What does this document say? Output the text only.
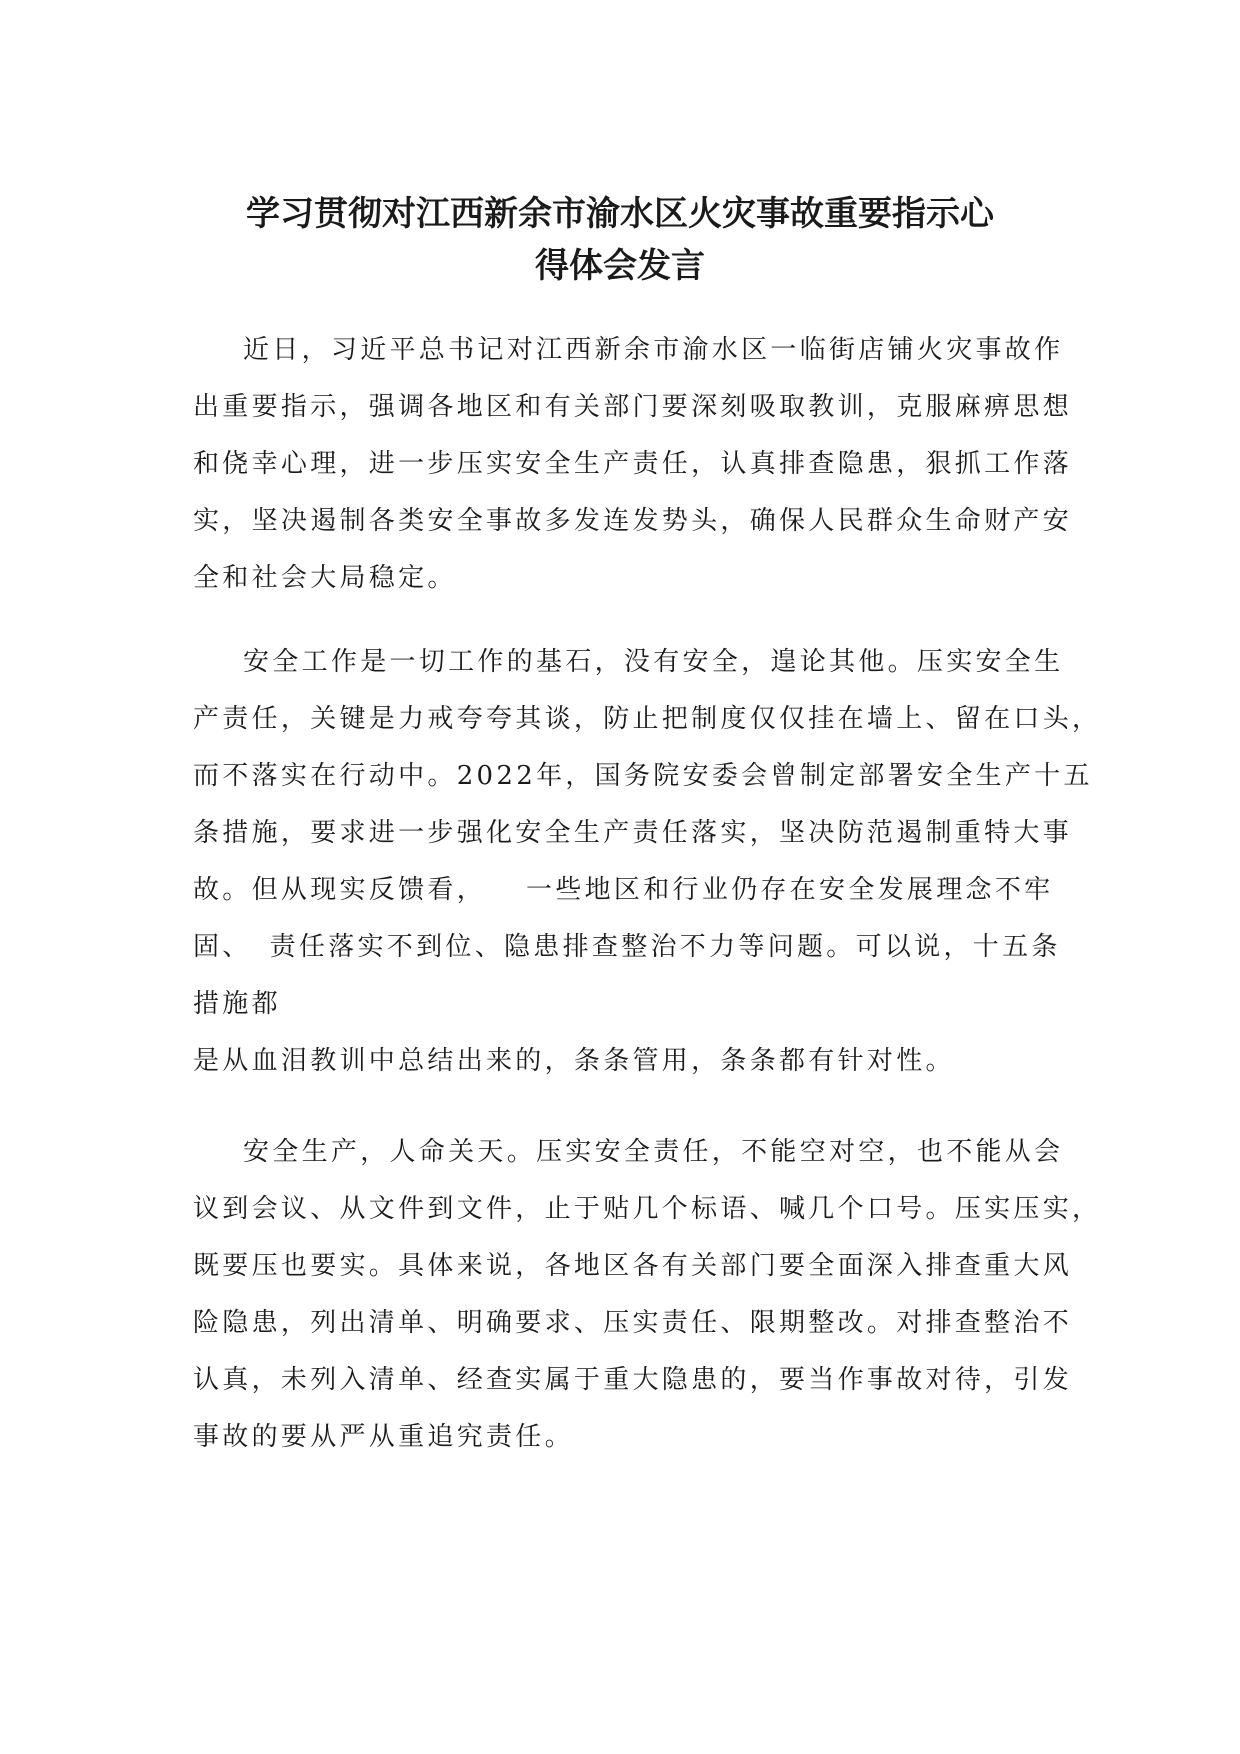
学习贯彻对江西新余市渝水区火灾事故重要指示心
得体会发言

近日，习近平总书记对江西新余市渝水区一临街店铺火灾事故作
出重要指示，强调各地区和有关部门要深刻吸取教训，克服麻痹思想
和侥幸心理，进一步压实安全生产责任，认真排查隐患，狠抓工作落
实，坚决遏制各类安全事故多发连发势头，确保人民群众生命财产安
全和社会大局稳定。

安全工作是一切工作的基石，没有安全，遑论其他。压实安全生
产责任，关键是力戒夸夸其谈，防止把制度仅仅挂在墙上、留在口头，
而不落实在行动中。2022年，国务院安委会曾制定部署安全生产十五
条措施，要求进一步强化安全生产责任落实，坚决防范遏制重特大事
故。但从现实反馈看， 一些地区和行业仍存在安全发展理念不牢
固、 责任落实不到位、隐患排查整治不力等问题。可以说，十五条
措施都
是从血泪教训中总结出来的，条条管用，条条都有针对性。

安全生产，人命关天。压实安全责任，不能空对空，也不能从会
议到会议、从文件到文件，止于贴几个标语、喊几个口号。压实压实，
既要压也要实。具体来说，各地区各有关部门要全面深入排查重大风
险隐患，列出清单、明确要求、压实责任、限期整改。对排查整治不
认真，未列入清单、经查实属于重大隐患的，要当作事故对待，引发
事故的要从严从重追究责任。
